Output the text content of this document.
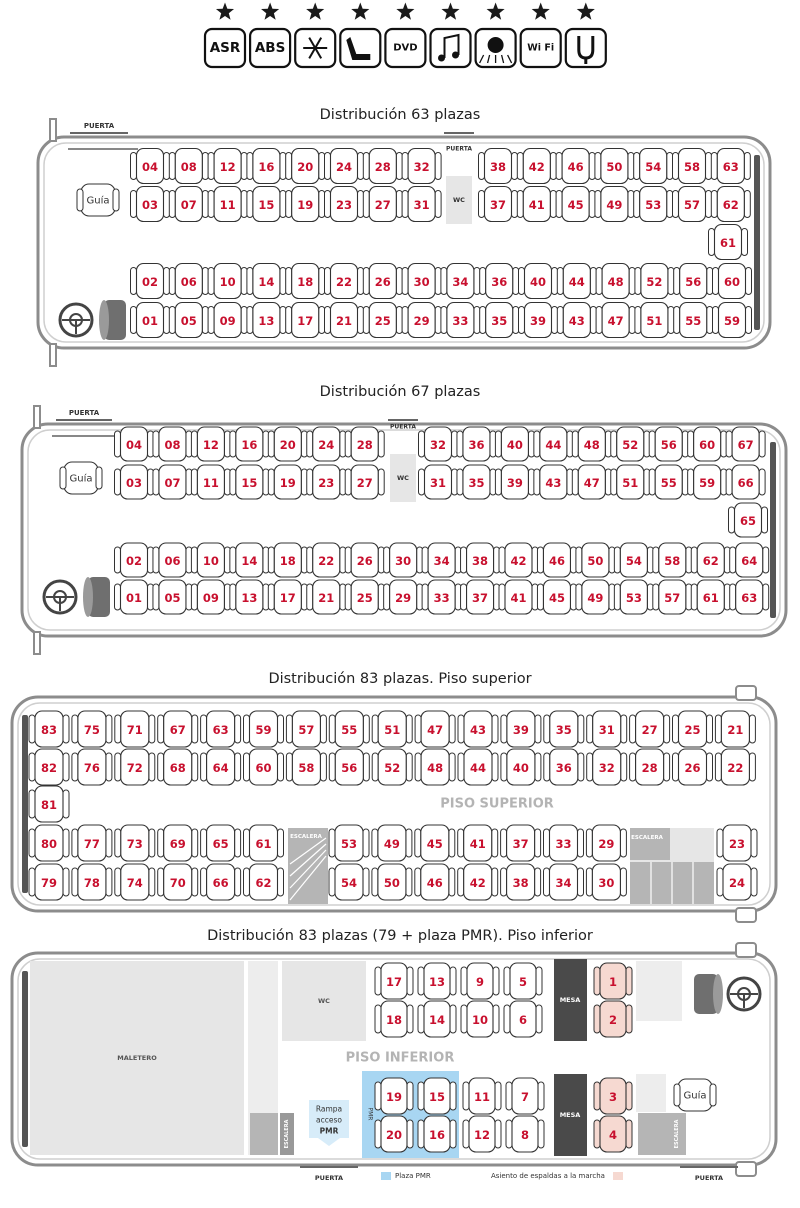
ASR ABS	DVD	Wi Fi
Distribución 63 plazas
PUERTA
Guía	WC
PUERTA
04 08 12 16 20 24 28 32	38 42 46 50 54 58 63
03 07 11 15 19 23 27 31	37 41 45 49 53 57 62
61
02 06 10 14 18 22 26 30 34 36 40 44 48 52 56 60
01 05 09 13 17 21 25 29 33 35 39 43 47 51 55 59
Distribución 67 plazas
PUERTA
Guía	WC
PUERTA
04 08 12 16 20 24 28	32 36 40 44 48 52 56 60 67
03 07 11 15 19 23 27	31 35 39 43 47 51 55 59 66
65
02 06 10 14 18 22 26 30 34 38 42 46 50 54 58 62 64
01 05 09 13 17 21 25 29 33 37 41 45 49 53 57 61 63
Distribución 83 plazas. Piso superior
83 75 71 67 63 59 57 55 51 47 43 39 35 31 27 25 21
82 76 72 68 64 60 58 56 52 48 44 40 36 32 28 26 22
81
80 77 73 69 65 61
79 78 74 70 66 62
53 49 45 41 37 33 29
54 50 46 42 38 34 30
23
24
PISO SUPERIOR
ESCALERA	ESCALERA
Distribución 83 plazas (79 + plaza PMR). Piso inferior
MALETERO
WC
ESCALERA
Rampa
acceso
PMR
PMR
17 13	9	5
18 14 10	6
19 15
20 16
11	7
12	8
MESA
MESA
1
2
3
4
PISO INFERIOR
ESCALERA
Guía
PUERTA	PUERTA
Plaza PMR	Asiento de espaldas a la marcha
